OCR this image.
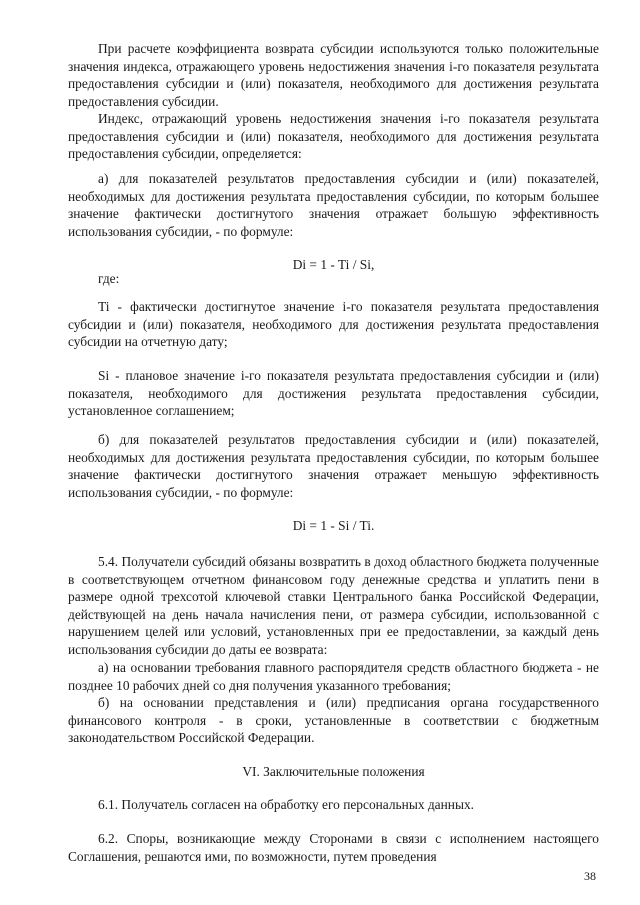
При расчете коэффициента возврата субсидии используются только положительные значения индекса, отражающего уровень недостижения значения i-го показателя результата предоставления субсидии и (или) показателя, необходимого для достижения результата предоставления субсидии.

Индекс, отражающий уровень недостижения значения i-го показателя результата предоставления субсидии и (или) показателя, необходимого для достижения результата предоставления субсидии, определяется:

а) для показателей результатов предоставления субсидии и (или) показателей, необходимых для достижения результата предоставления субсидии, по которым большее значение фактически достигнутого значения отражает большую эффективность использования субсидии, - по формуле:

Di = 1 - Ti / Si,
где:

Ti - фактически достигнутое значение i-го показателя результата предоставления субсидии и (или) показателя, необходимого для достижения результата предоставления субсидии на отчетную дату;

Si - плановое значение i-го показателя результата предоставления субсидии и (или) показателя, необходимого для достижения результата предоставления субсидии, установленное соглашением;

б) для показателей результатов предоставления субсидии и (или) показателей, необходимых для достижения результата предоставления субсидии, по которым большее значение фактически достигнутого значения отражает меньшую эффективность использования субсидии, - по формуле:

Di = 1 - Si / Ti.

5.4. Получатели субсидий обязаны возвратить в доход областного бюджета полученные в соответствующем отчетном финансовом году денежные средства и уплатить пени в размере одной трехсотой ключевой ставки Центрального банка Российской Федерации, действующей на день начала начисления пени, от размера субсидии, использованной с нарушением целей или условий, установленных при ее предоставлении, за каждый день использования субсидии до даты ее возврата:

а) на основании требования главного распорядителя средств областного бюджета - не позднее 10 рабочих дней со дня получения указанного требования;

б) на основании представления и (или) предписания органа государственного финансового контроля - в сроки, установленные в соответствии с бюджетным законодательством Российской Федерации.

VI. Заключительные положения

6.1. Получатель согласен на обработку его персональных данных.

6.2. Споры, возникающие между Сторонами в связи с исполнением настоящего Соглашения, решаются ими, по возможности, путем проведения

38
